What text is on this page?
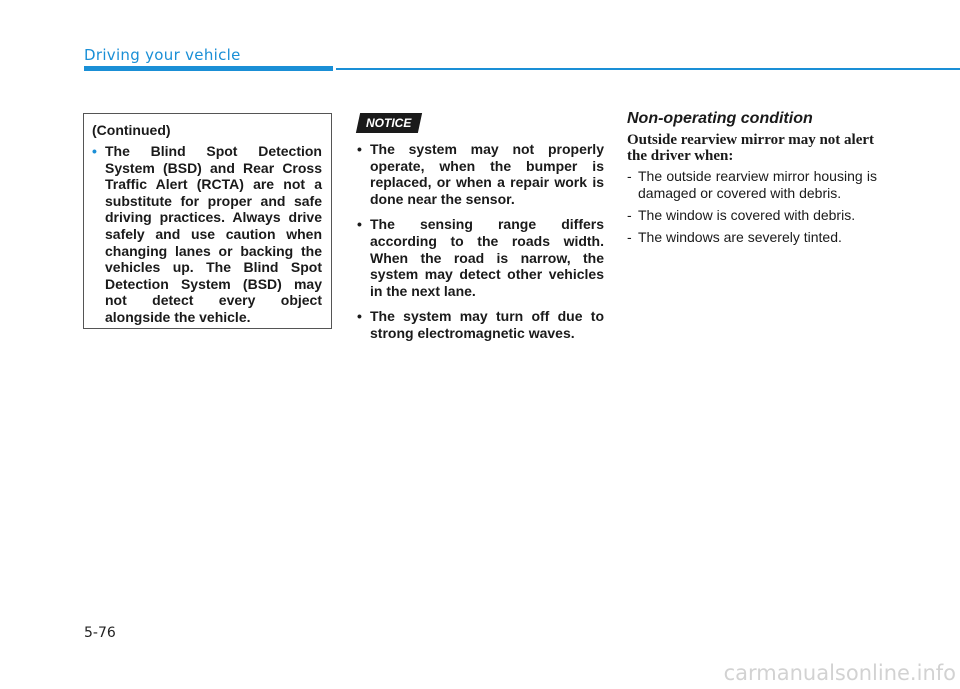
Driving your vehicle
(Continued)
• The Blind Spot Detection System (BSD) and Rear Cross Traffic Alert (RCTA) are not a substitute for proper and safe driving practices. Always drive safely and use caution when changing lanes or backing the vehicles up. The Blind Spot Detection System (BSD) may not detect every object alongside the vehicle.
NOTICE
• The system may not properly operate, when the bumper is replaced, or when a repair work is done near the sensor.
• The sensing range differs according to the roads width. When the road is narrow, the system may detect other vehicles in the next lane.
• The system may turn off due to strong electromagnetic waves.
Non-operating condition
Outside rearview mirror may not alert the driver when:
- The outside rearview mirror housing is damaged or covered with debris.
- The window is covered with debris.
- The windows are severely tinted.
5-76
carmanualsonline.info
